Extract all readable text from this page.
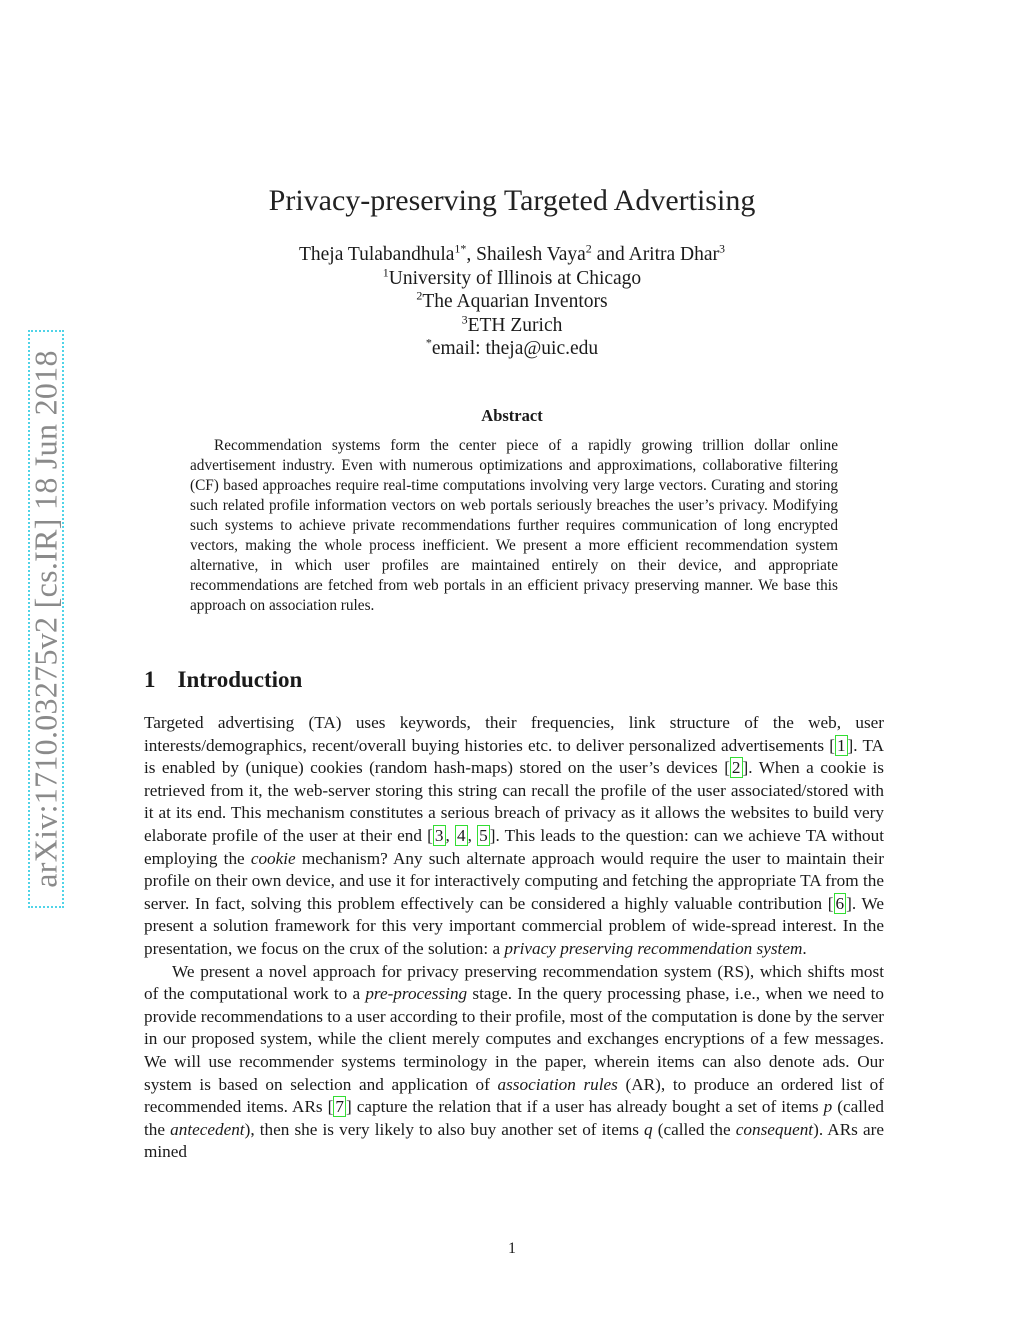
arXiv:1710.03275v2 [cs.IR] 18 Jun 2018
Privacy-preserving Targeted Advertising
Theja Tulabandhula$^{1*}$, Shailesh Vaya$^2$ and Aritra Dhar$^3$
$^1$University of Illinois at Chicago
$^2$The Aquarian Inventors
$^3$ETH Zurich
*email: theja@uic.edu
Abstract
Recommendation systems form the center piece of a rapidly growing trillion dollar online advertisement industry. Even with numerous optimizations and approximations, collaborative filtering (CF) based approaches require real-time computations involving very large vectors. Curating and storing such related profile information vectors on web portals seriously breaches the user’s privacy. Modifying such systems to achieve private recommendations further requires communication of long encrypted vectors, making the whole process inefficient. We present a more efficient recommendation system alternative, in which user profiles are maintained entirely on their device, and appropriate recommendations are fetched from web portals in an efficient privacy preserving manner. We base this approach on association rules.
1 Introduction

Targeted advertising (TA) uses keywords, their frequencies, link structure of the web, user interests/demographics, recent/overall buying histories etc. to deliver personalized advertisements [ 1 ]. TA is enabled by (unique) cookies (random hash-maps) stored on the user’s devices [ 2 ]. When a cookie is retrieved from it, the web-server storing this string can recall the profile of the user associated/stored with it at its end. This mechanism constitutes a serious breach of privacy as it allows the websites to build very elaborate profile of the user at their end [ 3 , 4 , 5 ]. This leads to the question: can we achieve TA without employing the cookie mechanism? Any such alternate approach would require the user to maintain their profile on their own device, and use it for interactively computing and fetching the appropriate TA from the server. In fact, solving this problem effectively can be considered a highly valuable contribution [ 6 ]. We present a solution framework for this very important commercial problem of wide-spread interest. In the presentation, we focus on the crux of the solution: a privacy preserving recommendation system.

We present a novel approach for privacy preserving recommendation system (RS), which shifts most of the computational work to a pre-processing stage. In the query processing phase, i.e., when we need to provide recommendations to a user according to their profile, most of the computation is done by the server in our proposed system, while the client merely computes and exchanges encryptions of a few messages. We will use recommender systems terminology in the paper, wherein items can also denote ads. Our system is based on selection and application of association rules (AR), to produce an ordered list of recommended items. ARs [ 7 ] capture the relation that if a user has already bought a set of items p (called the antecedent), then she is very likely to also buy another set of items q (called the consequent). ARs are mined

1
